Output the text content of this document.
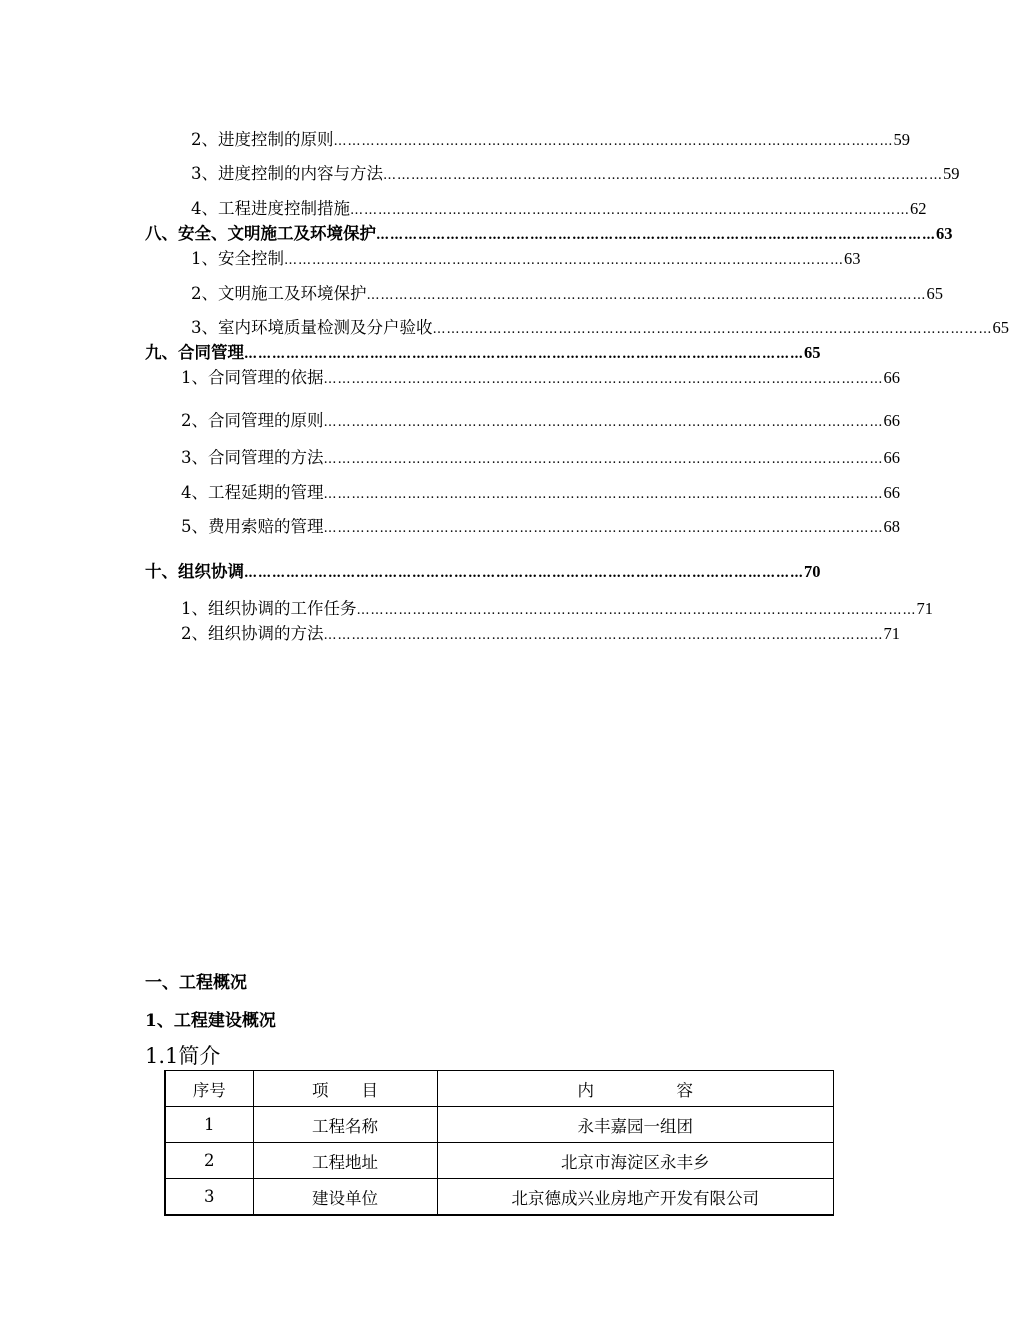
2、进度控制的原则 ………………………………………………………………………………………………………… 59
3、进度控制的内容与方法 ………………………………………………………………………………………………………… 59
4、工程进度控制措施 ………………………………………………………………………………………………………… 62
八、安全、文明施工及环境保护 ………………………………………………………………………………………………………… 63
1、安全控制 ………………………………………………………………………………………………………… 63
2、文明施工及环境保护 ………………………………………………………………………………………………………… 65
3、室内环境质量检测及分户验收 ………………………………………………………………………………………………………… 65
九、合同管理 ………………………………………………………………………………………………………… 65
1、合同管理的依据 ………………………………………………………………………………………………………… 66
2、合同管理的原则 ………………………………………………………………………………………………………… 66
3、合同管理的方法 ………………………………………………………………………………………………………… 66
4、工程延期的管理 ………………………………………………………………………………………………………… 66
5、费用索赔的管理 ………………………………………………………………………………………………………… 68
十、组织协调 ………………………………………………………………………………………………………… 70
1、组织协调的工作任务 ………………………………………………………………………………………………………… 71
2、组织协调的方法 ………………………………………………………………………………………………………… 71
一、工程概况
1、工程建设概况
1.1简介
序号	项　　目	内　　　　　容
1	工程名称	永丰嘉园一组团
2	工程地址	北京市海淀区永丰乡
3	建设单位	北京德成兴业房地产开发有限公司
